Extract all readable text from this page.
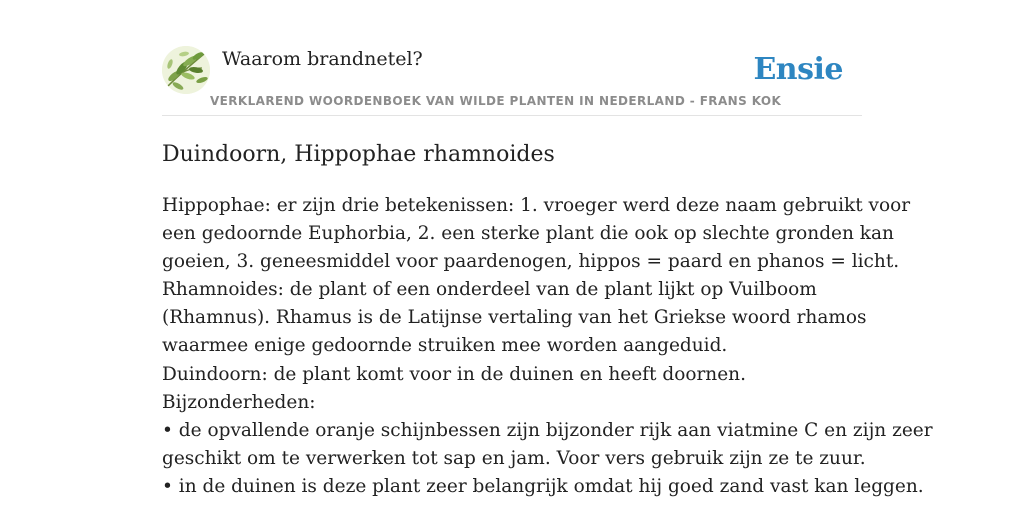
Waarom brandnetel?	Ensie
VERKLAREND WOORDENBOEK VAN WILDE PLANTEN IN NEDERLAND - FRANS KOK
Duindoorn, Hippophae rhamnoides
Hippophae: er zijn drie betekenissen: 1. vroeger werd deze naam gebruikt voor
een gedoornde Euphorbia, 2. een sterke plant die ook op slechte gronden kan
goeien, 3. geneesmiddel voor paardenogen, hippos = paard en phanos = licht.
Rhamnoides: de plant of een onderdeel van de plant lijkt op Vuilboom
(Rhamnus). Rhamus is de Latijnse vertaling van het Griekse woord rhamos
waarmee enige gedoornde struiken mee worden aangeduid.
Duindoorn: de plant komt voor in de duinen en heeft doornen.
Bijzonderheden:
• de opvallende oranje schijnbessen zijn bijzonder rijk aan viatmine C en zijn zeer
geschikt om te verwerken tot sap en jam. Voor vers gebruik zijn ze te zuur.
• in de duinen is deze plant zeer belangrijk omdat hij goed zand vast kan leggen.
